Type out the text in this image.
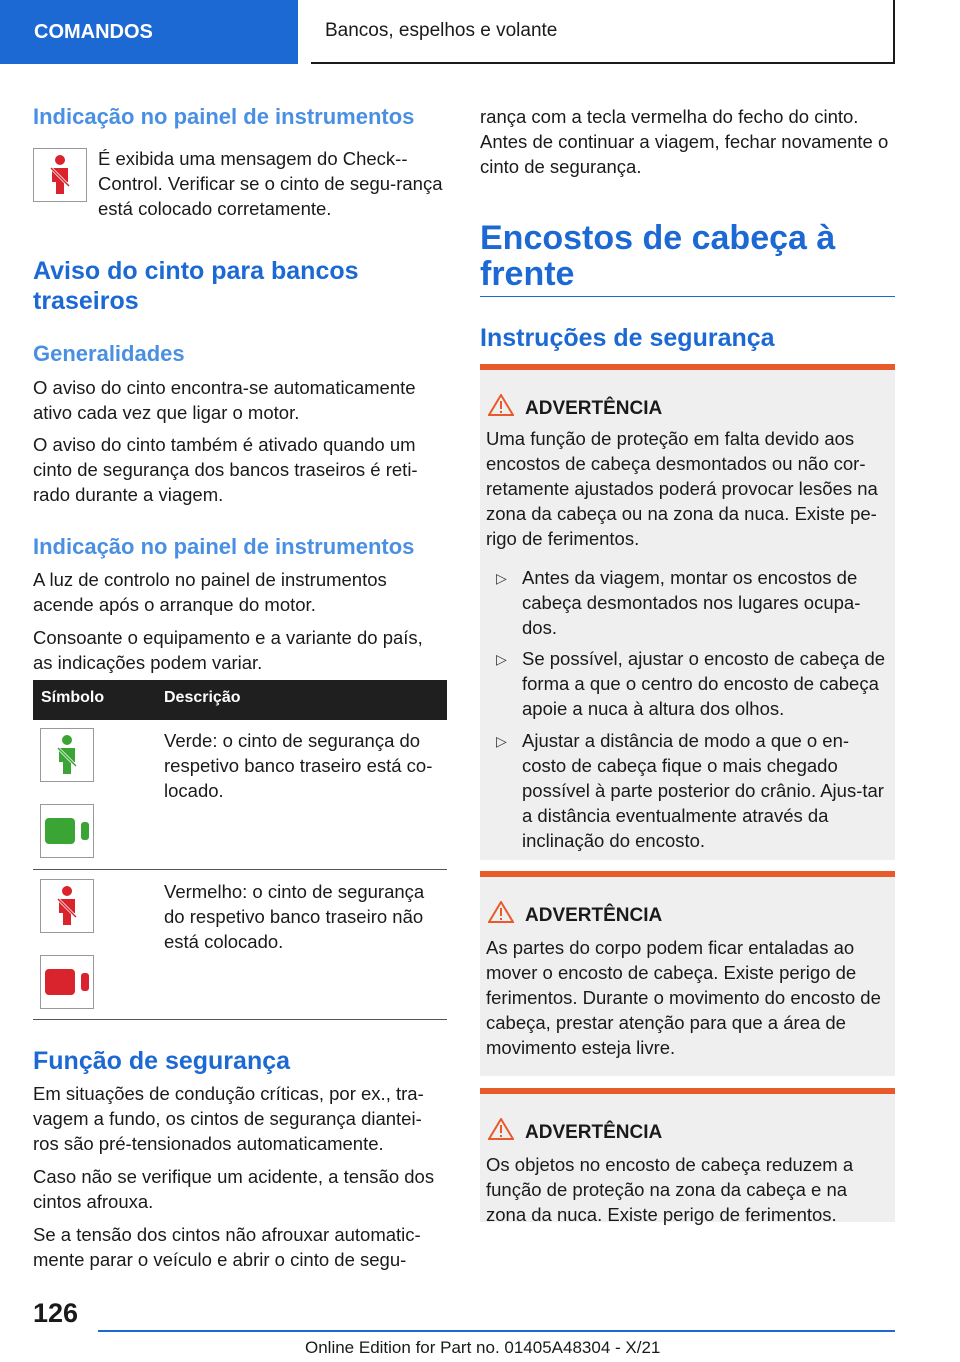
COMANDOS	Bancos, espelhos e volante
Indicação no painel de instrumentos

É exibida uma mensagem do Check--Control. Verificar se o cinto de segu-rança está colocado corretamente.

Aviso do cinto para bancos traseiros
Generalidades

O aviso do cinto encontra-se automaticamente ativo cada vez que ligar o motor.

O aviso do cinto também é ativado quando um cinto de segurança dos bancos traseiros é reti-rado durante a viagem.

Indicação no painel de instrumentos

A luz de controlo no painel de instrumentos acende após o arranque do motor.

Consoante o equipamento e a variante do país, as indicações podem variar.

Símbolo	Descrição

Verde: o cinto de segurança do respetivo banco traseiro está co-locado.

Vermelho: o cinto de segurança do respetivo banco traseiro não está colocado.

Função de segurança

Em situações de condução críticas, por ex., tra-vagem a fundo, os cintos de segurança diantei-ros são pré-tensionados automaticamente.

Caso não se verifique um acidente, a tensão dos cintos afrouxa.

Se a tensão dos cintos não afrouxar automatic-mente parar o veículo e abrir o cinto de segu-

rança com a tecla vermelha do fecho do cinto. Antes de continuar a viagem, fechar novamente o cinto de segurança.

Encostos de cabeça à frente
Instruções de segurança
ADVERTÊNCIA

Uma função de proteção em falta devido aos encostos de cabeça desmontados ou não cor-retamente ajustados poderá provocar lesões na zona da cabeça ou na zona da nuca. Existe pe-rigo de ferimentos.

▷ Antes da viagem, montar os encostos de cabeça desmontados nos lugares ocupa-dos.

▷ Se possível, ajustar o encosto de cabeça de forma a que o centro do encosto de cabeça apoie a nuca à altura dos olhos.

▷ Ajustar a distância de modo a que o en-costo de cabeça fique o mais chegado possível à parte posterior do crânio. Ajus-tar a distância eventualmente através da inclinação do encosto.

ADVERTÊNCIA

As partes do corpo podem ficar entaladas ao mover o encosto de cabeça. Existe perigo de ferimentos. Durante o movimento do encosto de cabeça, prestar atenção para que a área de movimento esteja livre.

ADVERTÊNCIA

Os objetos no encosto de cabeça reduzem a função de proteção na zona da cabeça e na zona da nuca. Existe perigo de ferimentos.

126
Online Edition for Part no. 01405A48304 - X/21
